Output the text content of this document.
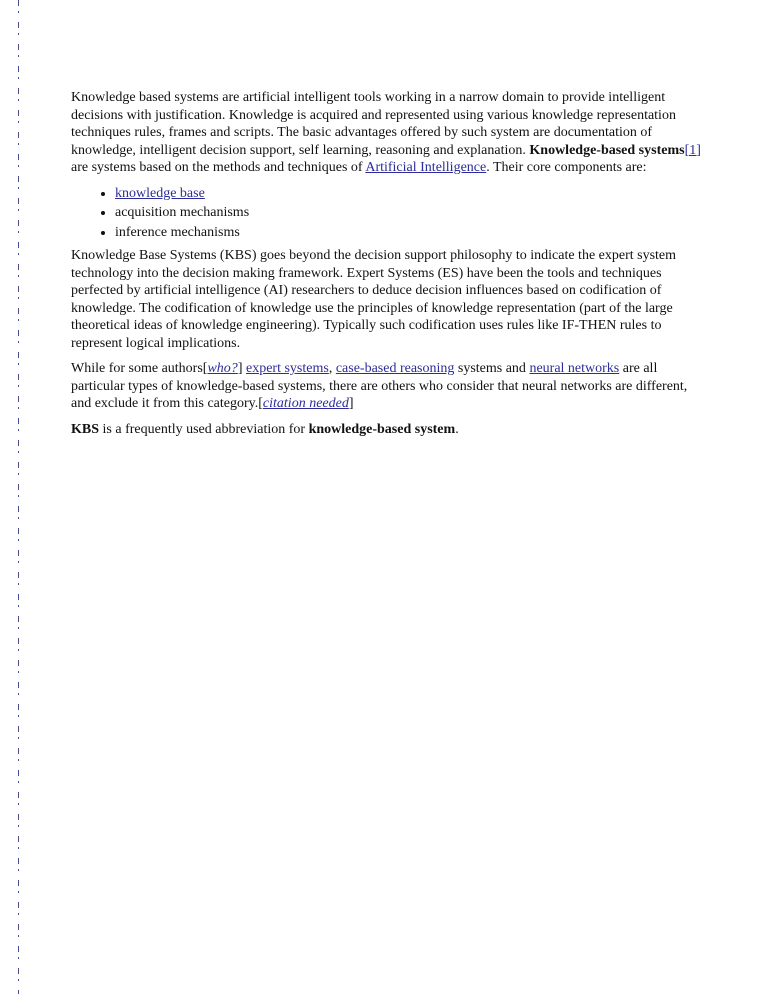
Knowledge based systems are artificial intelligent tools working in a narrow domain to provide intelligent decisions with justification. Knowledge is acquired and represented using various knowledge representation techniques rules, frames and scripts. The basic advantages offered by such system are documentation of knowledge, intelligent decision support, self learning, reasoning and explanation. Knowledge-based systems[1] are systems based on the methods and techniques of Artificial Intelligence. Their core components are:

• knowledge base
• acquisition mechanisms
• inference mechanisms

Knowledge Base Systems (KBS) goes beyond the decision support philosophy to indicate the expert system technology into the decision making framework. Expert Systems (ES) have been the tools and techniques perfected by artificial intelligence (AI) researchers to deduce decision influences based on codification of knowledge. The codification of knowledge use the principles of knowledge representation (part of the large theoretical ideas of knowledge engineering). Typically such codification uses rules like IF-THEN rules to represent logical implications.

While for some authors[who?] expert systems, case-based reasoning systems and neural networks are all particular types of knowledge-based systems, there are others who consider that neural networks are different, and exclude it from this category.[citation needed]

KBS is a frequently used abbreviation for knowledge-based system.
